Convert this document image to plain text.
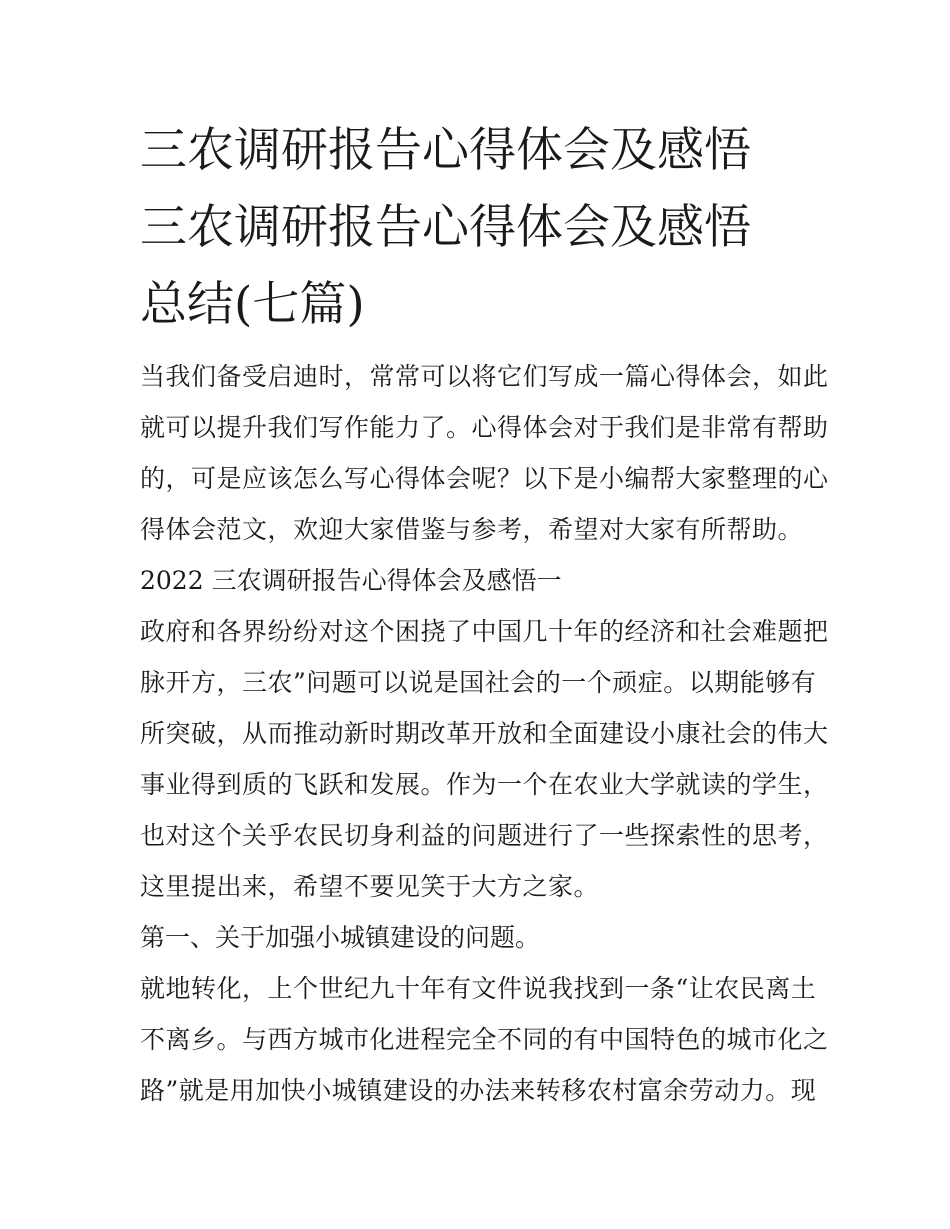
三农调研报告心得体会及感悟
三农调研报告心得体会及感悟
总结(七篇)

当我们备受启迪时，常常可以将它们写成一篇心得体会，如此
就可以提升我们写作能力了。心得体会对于我们是非常有帮助
的，可是应该怎么写心得体会呢？以下是小编帮大家整理的心
得体会范文，欢迎大家借鉴与参考，希望对大家有所帮助。

2022 三农调研报告心得体会及感悟一

政府和各界纷纷对这个困挠了中国几十年的经济和社会难题把
脉开方，三农”问题可以说是国社会的一个顽症。以期能够有
所突破，从而推动新时期改革开放和全面建设小康社会的伟大
事业得到质的飞跃和发展。作为一个在农业大学就读的学生，
也对这个关乎农民切身利益的问题进行了一些探索性的思考，
这里提出来，希望不要见笑于大方之家。

第一、关于加强小城镇建设的问题。

就地转化，上个世纪九十年有文件说我找到一条“让农民离土
不离乡。与西方城市化进程完全不同的有中国特色的城市化之
路”就是用加快小城镇建设的办法来转移农村富余劳动力。现
